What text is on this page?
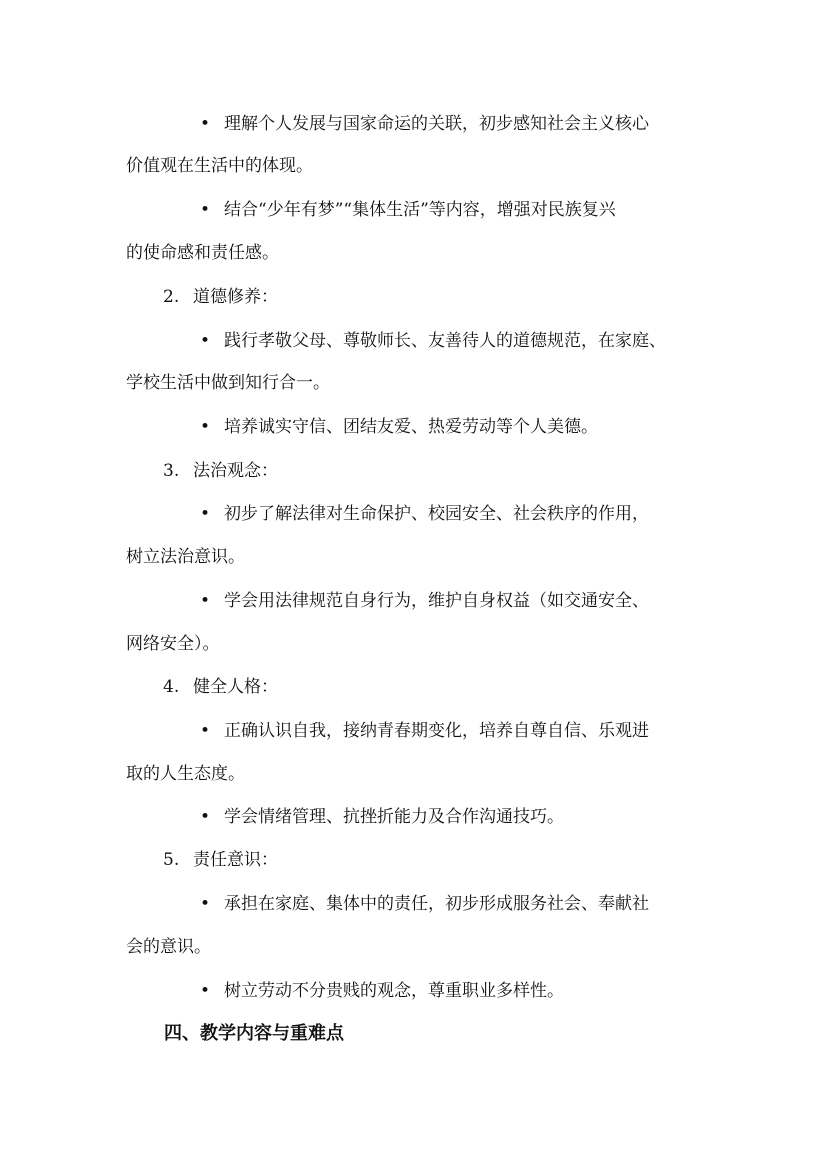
• 理解个人发展与国家命运的关联，初步感知社会主义核心
价值观在生活中的体现。
• 结合“少年有梦”“集体生活”等内容，增强对民族复兴
的使命感和责任感。
2. 道德修养：
• 践行孝敬父母、尊敬师长、友善待人的道德规范，在家庭、
学校生活中做到知行合一。
• 培养诚实守信、团结友爱、热爱劳动等个人美德。
3. 法治观念：
• 初步了解法律对生命保护、校园安全、社会秩序的作用，
树立法治意识。
• 学会用法律规范自身行为，维护自身权益（如交通安全、
网络安全）。
4. 健全人格：
• 正确认识自我，接纳青春期变化，培养自尊自信、乐观进
取的人生态度。
• 学会情绪管理、抗挫折能力及合作沟通技巧。
5. 责任意识：
• 承担在家庭、集体中的责任，初步形成服务社会、奉献社
会的意识。
• 树立劳动不分贵贱的观念，尊重职业多样性。
四、教学内容与重难点
